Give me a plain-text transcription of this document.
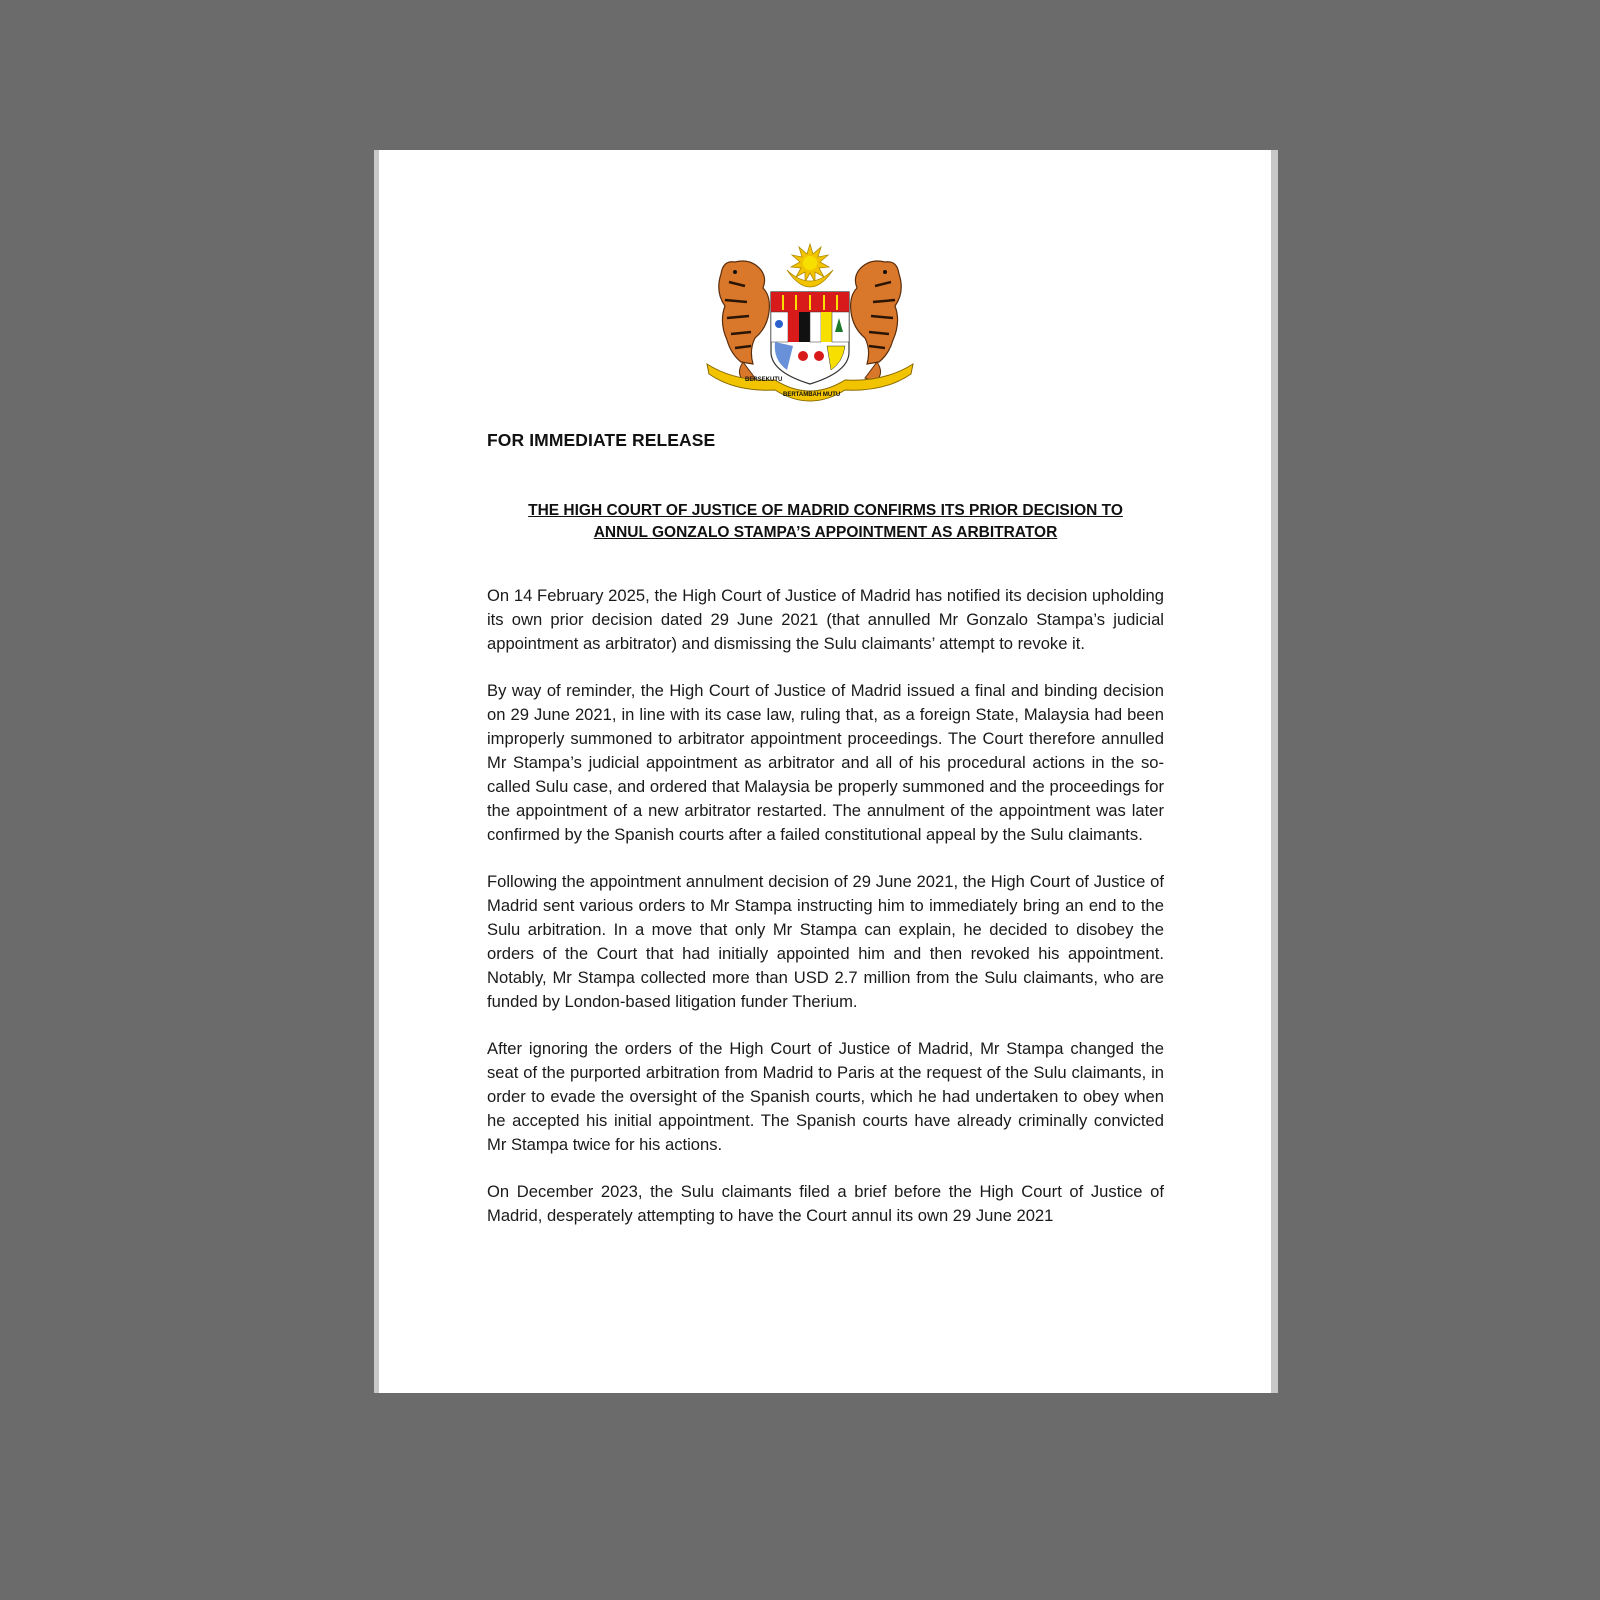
BERSEKUTU
BERTAMBAH MUTU
FOR IMMEDIATE RELEASE
THE HIGH COURT OF JUSTICE OF MADRID CONFIRMS ITS PRIOR DECISION TO
ANNUL GONZALO STAMPA’S APPOINTMENT AS ARBITRATOR

On 14 February 2025, the High Court of Justice of Madrid has notified its decision upholding its own prior decision dated 29 June 2021 (that annulled Mr Gonzalo Stampa’s judicial appointment as arbitrator) and dismissing the Sulu claimants’ attempt to revoke it.

By way of reminder, the High Court of Justice of Madrid issued a final and binding decision on 29 June 2021, in line with its case law, ruling that, as a foreign State, Malaysia had been improperly summoned to arbitrator appointment proceedings. The Court therefore annulled Mr Stampa’s judicial appointment as arbitrator and all of his procedural actions in the so-called Sulu case, and ordered that Malaysia be properly summoned and the proceedings for the appointment of a new arbitrator restarted. The annulment of the appointment was later confirmed by the Spanish courts after a failed constitutional appeal by the Sulu claimants.

Following the appointment annulment decision of 29 June 2021, the High Court of Justice of Madrid sent various orders to Mr Stampa instructing him to immediately bring an end to the Sulu arbitration. In a move that only Mr Stampa can explain, he decided to disobey the orders of the Court that had initially appointed him and then revoked his appointment. Notably, Mr Stampa collected more than USD 2.7 million from the Sulu claimants, who are funded by London-based litigation funder Therium.

After ignoring the orders of the High Court of Justice of Madrid, Mr Stampa changed the seat of the purported arbitration from Madrid to Paris at the request of the Sulu claimants, in order to evade the oversight of the Spanish courts, which he had undertaken to obey when he accepted his initial appointment. The Spanish courts have already criminally convicted Mr Stampa twice for his actions.

On December 2023, the Sulu claimants filed a brief before the High Court of Justice of Madrid, desperately attempting to have the Court annul its own 29 June 2021
